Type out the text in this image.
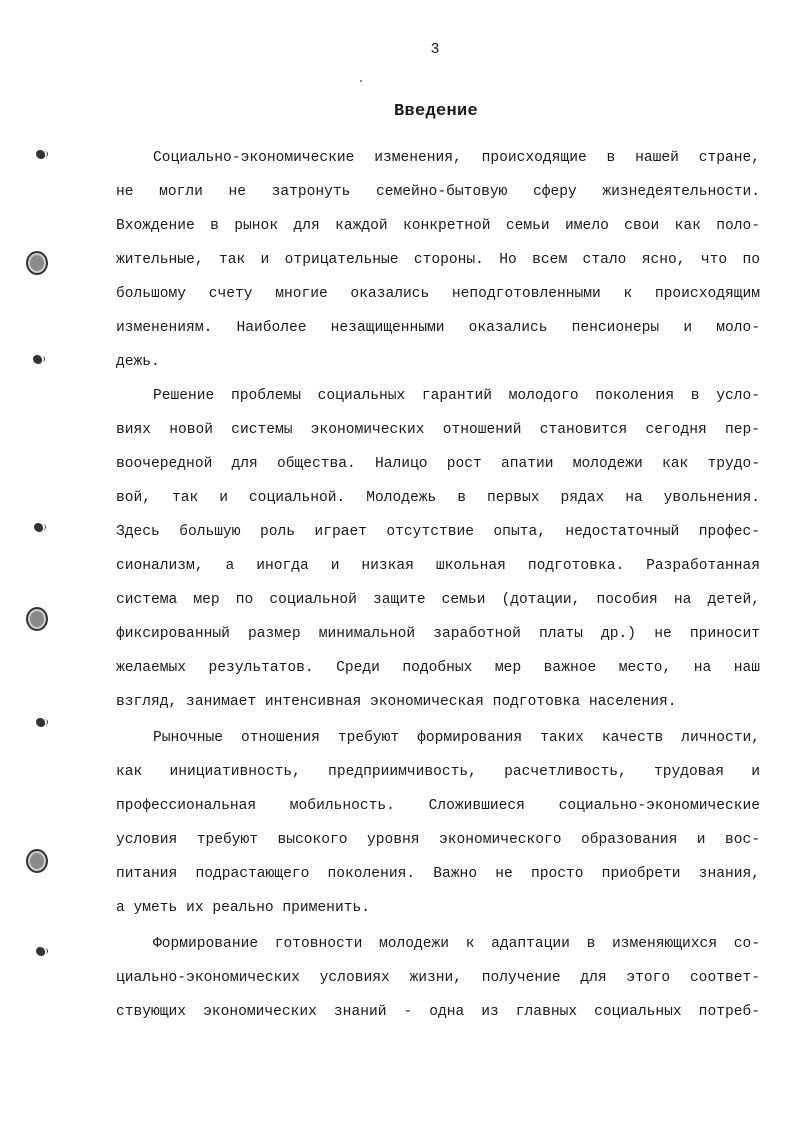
3
Введение
Социально-экономические изменения, происходящие в нашей стране,
не могли не затронуть семейно-бытовую сферу жизнедеятельности.
Вхождение в рынок для каждой конкретной семьи имело свои как поло-
жительные, так и отрицательные стороны. Но всем стало ясно, что по
большому счету многие оказались неподготовленными к происходящим
изменениям. Наиболее незащищенными оказались пенсионеры и моло-
дежь.
Решение проблемы социальных гарантий молодого поколения в усло-
виях новой системы экономических отношений становится сегодня пер-
воочередной для общества. Налицо рост апатии молодежи как трудо-
вой, так и социальной. Молодежь в первых рядах на увольнения.
Здесь большую роль играет отсутствие опыта, недостаточный профес-
сионализм, а иногда и низкая школьная подготовка. Разработанная
система мер по социальной защите семьи (дотации, пособия на детей,
фиксированный размер минимальной заработной платы др.) не приносит
желаемых результатов. Среди подобных мер важное место, на наш
взгляд, занимает интенсивная экономическая подготовка населения.
Рыночные отношения требуют формирования таких качеств личности,
как инициативность, предприимчивость, расчетливость, трудовая и
профессиональная мобильность. Сложившиеся социально-экономические
условия требуют высокого уровня экономического образования и вос-
питания подрастающего поколения. Важно не просто приобрети знания,
а уметь их реально применить.
Формирование готовности молодежи к адаптации в изменяющихся со-
циально-экономических условиях жизни, получение для этого соответ-
ствующих экономических знаний - одна из главных социальных потреб-
